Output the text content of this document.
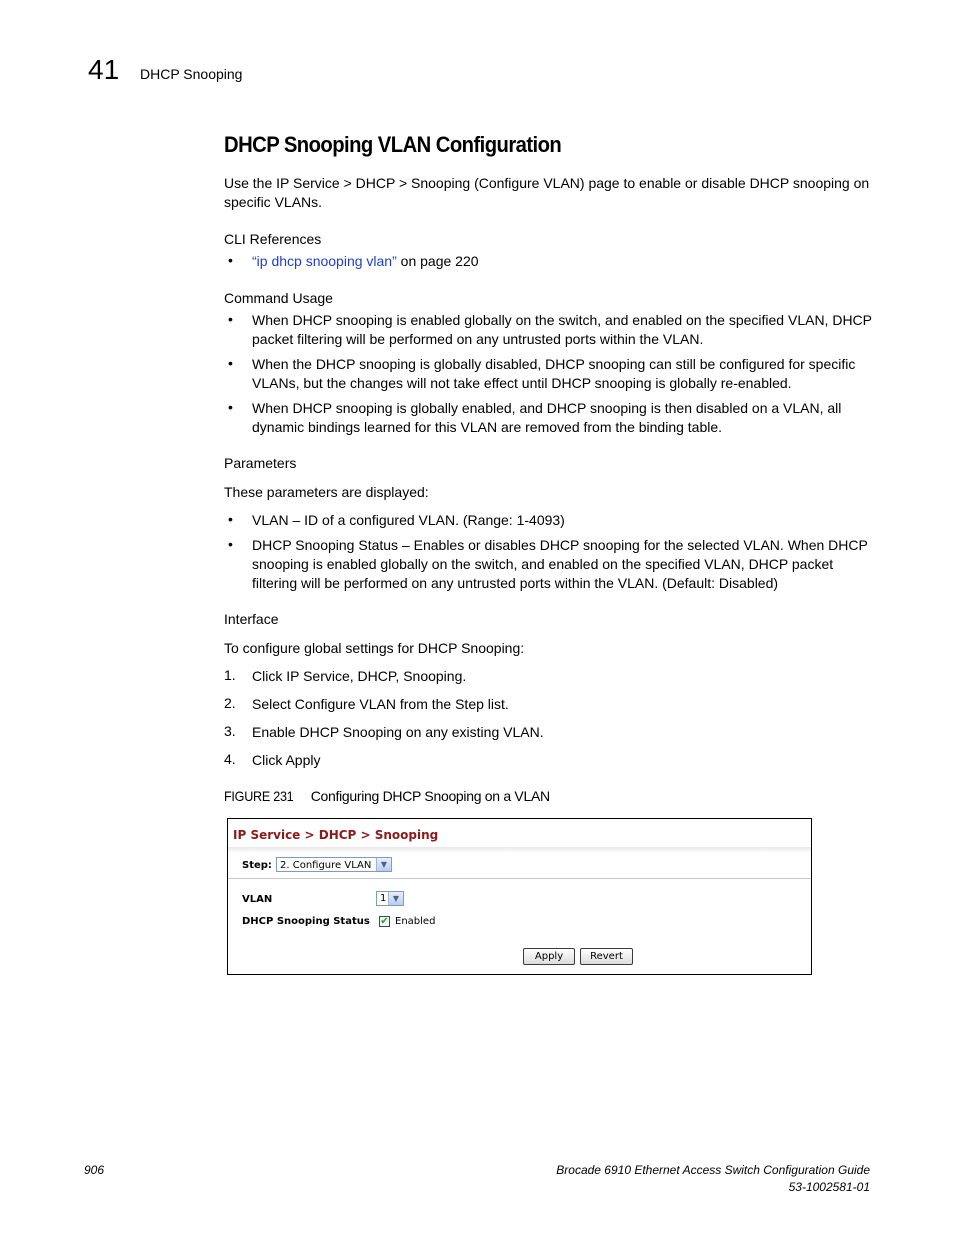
41 DHCP Snooping
DHCP Snooping VLAN Configuration
Use the IP Service > DHCP > Snooping (Configure VLAN) page to enable or disable DHCP snooping on specific VLANs.
CLI References
• “ip dhcp snooping vlan” on page 220
Command Usage
• When DHCP snooping is enabled globally on the switch, and enabled on the specified VLAN, DHCP packet filtering will be performed on any untrusted ports within the VLAN.
• When the DHCP snooping is globally disabled, DHCP snooping can still be configured for specific VLANs, but the changes will not take effect until DHCP snooping is globally re-enabled.
• When DHCP snooping is globally enabled, and DHCP snooping is then disabled on a VLAN, all dynamic bindings learned for this VLAN are removed from the binding table.
Parameters
These parameters are displayed:
• VLAN – ID of a configured VLAN. (Range: 1-4093)
• DHCP Snooping Status – Enables or disables DHCP snooping for the selected VLAN. When DHCP snooping is enabled globally on the switch, and enabled on the specified VLAN, DHCP packet filtering will be performed on any untrusted ports within the VLAN. (Default: Disabled)
Interface
To configure global settings for DHCP Snooping:
1. Click IP Service, DHCP, Snooping.
2. Select Configure VLAN from the Step list.
3. Enable DHCP Snooping on any existing VLAN.
4. Click Apply
FIGURE 231 Configuring DHCP Snooping on a VLAN
IP Service > DHCP > Snooping
Step: 2. Configure VLAN	▼
VLAN	1 ▼
DHCP Snooping Status ✔ Enabled
Apply	Revert
906	Brocade 6910 Ethernet Access Switch Configuration Guide
53-1002581-01
